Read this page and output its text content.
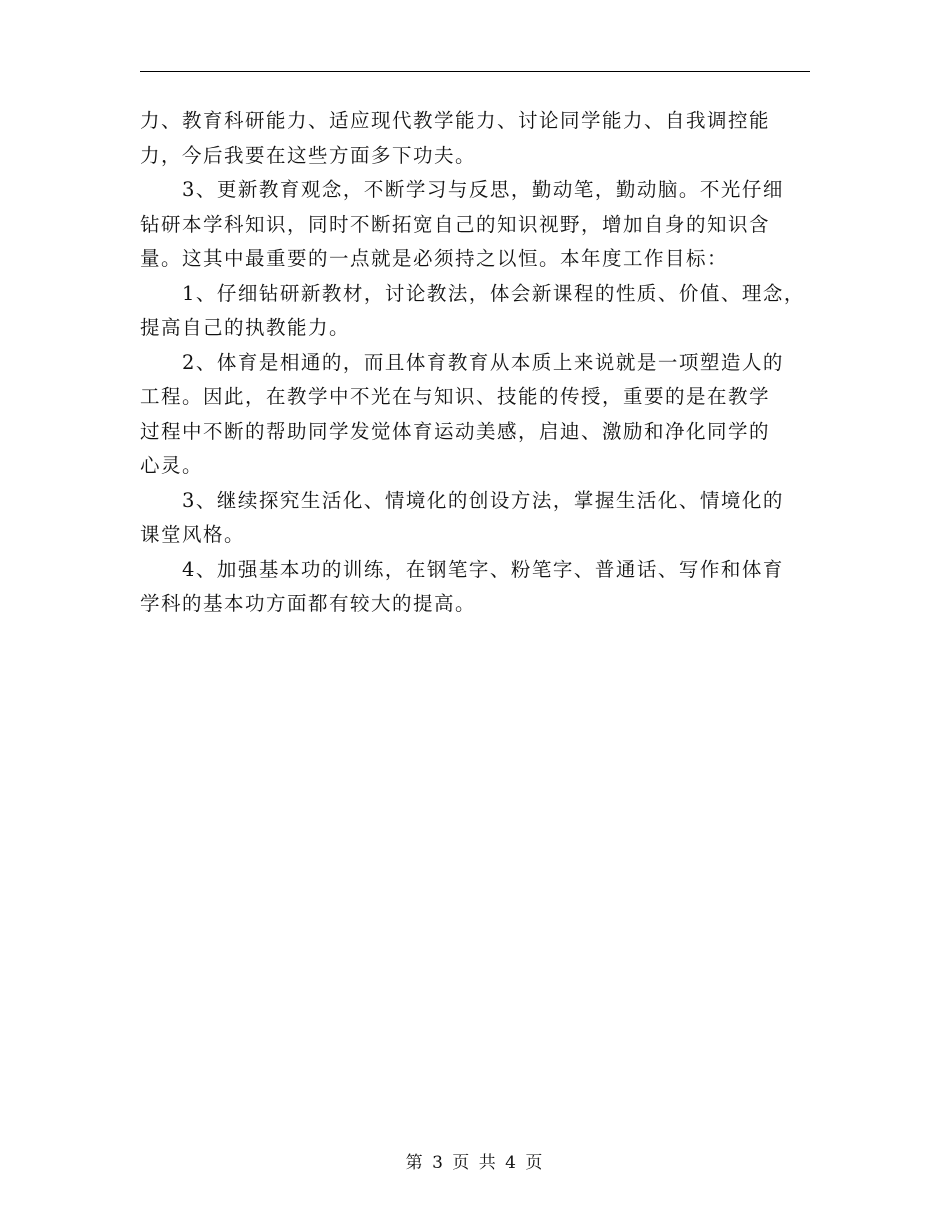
力、教育科研能力、适应现代教学能力、讨论同学能力、自我调控能
力，今后我要在这些方面多下功夫。
3、更新教育观念，不断学习与反思，勤动笔，勤动脑。不光仔细
钻研本学科知识，同时不断拓宽自己的知识视野，增加自身的知识含
量。这其中最重要的一点就是必须持之以恒。本年度工作目标：
1、仔细钻研新教材，讨论教法，体会新课程的性质、价值、理念，
提高自己的执教能力。
2、体育是相通的，而且体育教育从本质上来说就是一项塑造人的
工程。因此，在教学中不光在与知识、技能的传授，重要的是在教学
过程中不断的帮助同学发觉体育运动美感，启迪、激励和净化同学的
心灵。
3、继续探究生活化、情境化的创设方法，掌握生活化、情境化的
课堂风格。
4、加强基本功的训练，在钢笔字、粉笔字、普通话、写作和体育
学科的基本功方面都有较大的提高。
第 3 页 共 4 页
